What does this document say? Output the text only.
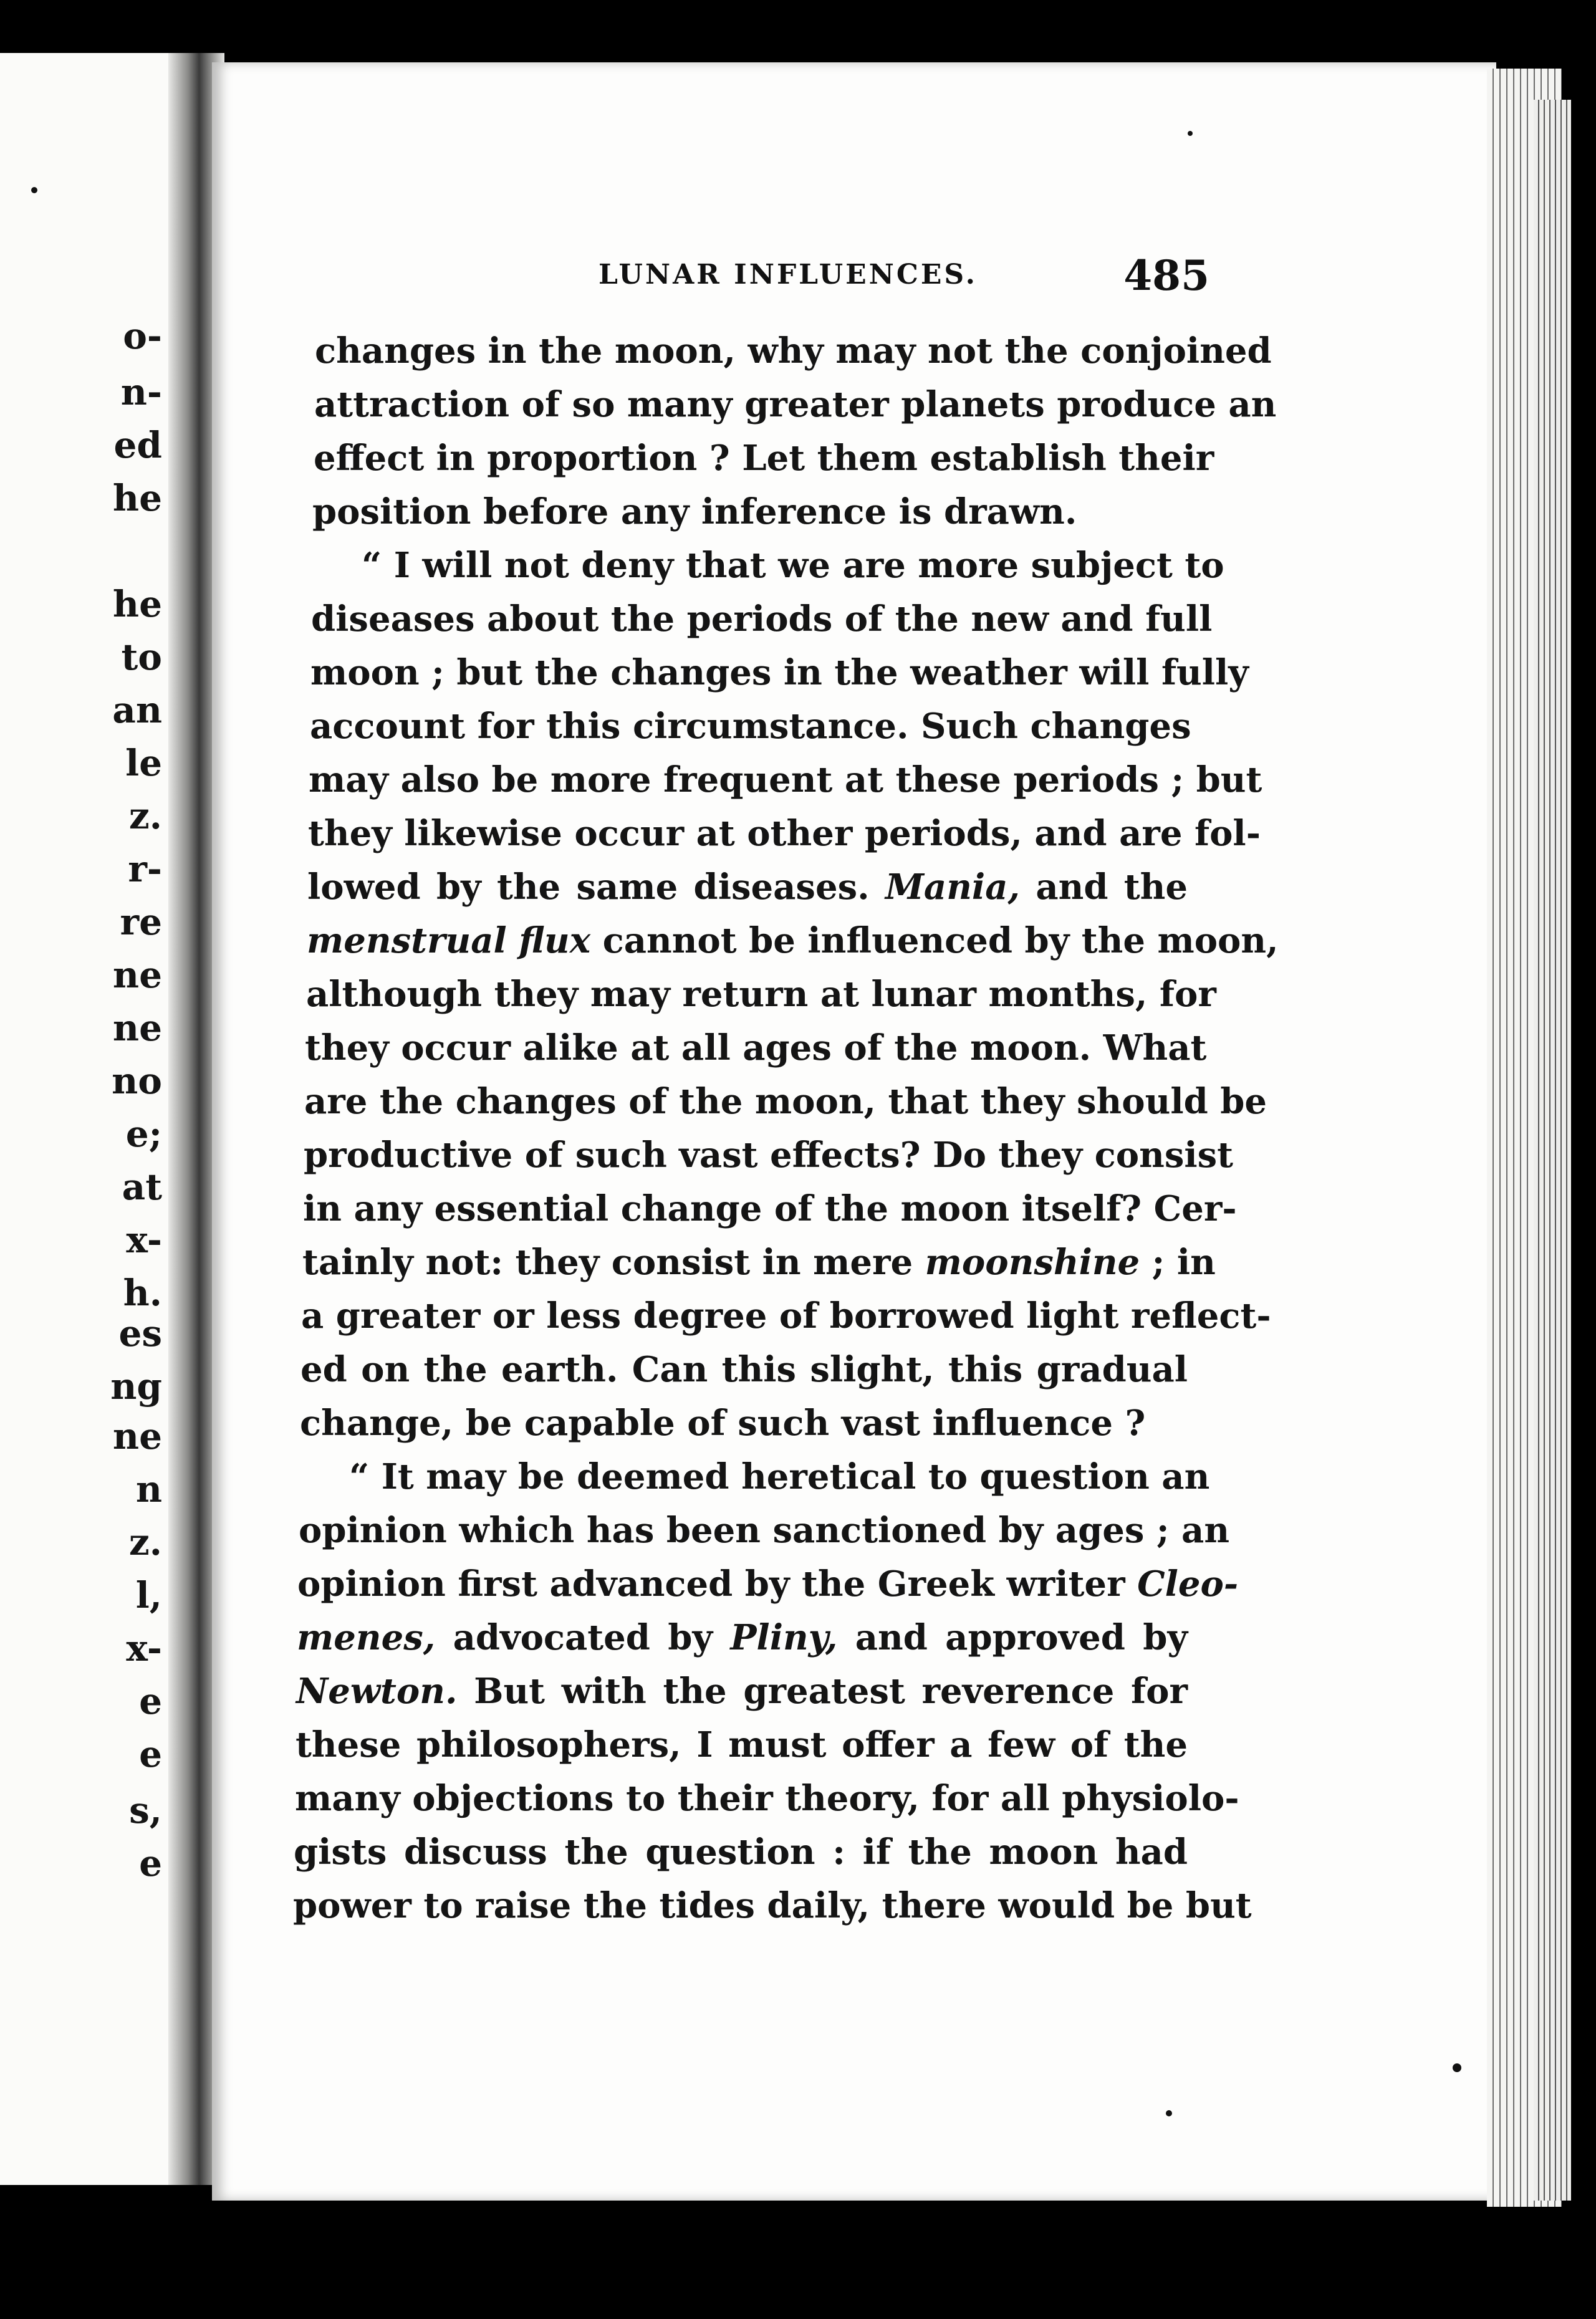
o-
n-
ed
he
he
to
an
le
z.
r-
re
ne
ne
no
e;
at
x-
h.
es
ng
ne
n
z.
l,
x-
e
e
s,
e
LUNAR INFLUENCES.	485
changes in the moon, why may not the conjoined
attraction of so many greater planets produce an
effect in proportion ? Let them establish their
position before any inference is drawn.
“ I will not deny that we are more subject to
diseases about the periods of the new and full
moon ; but the changes in the weather will fully
account for this circumstance. Such changes
may also be more frequent at these periods ; but
they likewise occur at other periods, and are fol-
lowed by the same diseases. Mania, and the
menstrual flux cannot be influenced by the moon,
although they may return at lunar months, for
they occur alike at all ages of the moon. What
are the changes of the moon, that they should be
productive of such vast effects? Do they consist
in any essential change of the moon itself? Cer-
tainly not: they consist in mere moonshine ; in
a greater or less degree of borrowed light reflect-
ed on the earth. Can this slight, this gradual
change, be capable of such vast influence ?
“ It may be deemed heretical to question an
opinion which has been sanctioned by ages ; an
opinion first advanced by the Greek writer Cleo-
menes, advocated by Pliny, and approved by
Newton. But with the greatest reverence for
these philosophers, I must offer a few of the
many objections to their theory, for all physiolo-
gists discuss the question : if the moon had
power to raise the tides daily, there would be but
